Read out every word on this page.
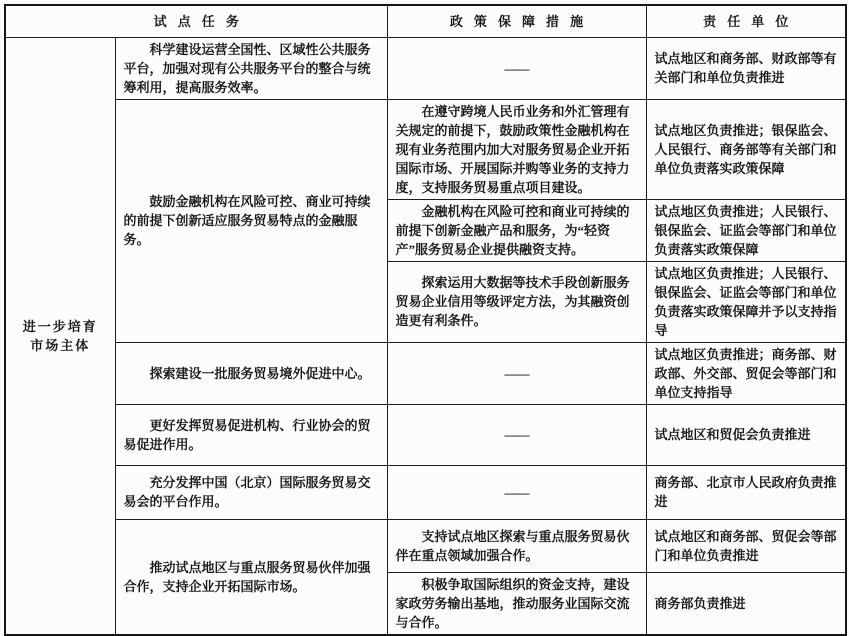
试点任务		政策保障措施	责任单位

进一步培育
市场主体	科学建设运营全国性、区域性公共服务平台，加强对现有公共服务平台的整合与统筹利用，提高服务效率。	——	试点地区和商务部、财政部等有关部门和单位负责推进

	鼓励金融机构在风险可控、商业可持续的前提下创新适应服务贸易特点的金融服务。	在遵守跨境人民币业务和外汇管理有关规定的前提下，鼓励政策性金融机构在现有业务范围内加大对服务贸易企业开拓国际市场、开展国际并购等业务的支持力度，支持服务贸易重点项目建设。	试点地区负责推进；银保监会、人民银行、商务部等有关部门和单位负责落实政策保障

		金融机构在风险可控和商业可持续的前提下创新金融产品和服务，为“轻资产”服务贸易企业提供融资支持。	试点地区负责推进；人民银行、银保监会、证监会等部门和单位负责落实政策保障

		探索运用大数据等技术手段创新服务贸易企业信用等级评定方法，为其融资创造更有利条件。	试点地区负责推进；人民银行、银保监会、证监会等部门和单位负责落实政策保障并予以支持指导

	探索建设一批服务贸易境外促进中心。	——	试点地区负责推进；商务部、财政部、外交部、贸促会等部门和单位支持指导

	更好发挥贸易促进机构、行业协会的贸易促进作用。	——	试点地区和贸促会负责推进

	充分发挥中国（北京）国际服务贸易交易会的平台作用。	——	商务部、北京市人民政府负责推进

	推动试点地区与重点服务贸易伙伴加强合作，支持企业开拓国际市场。	支持试点地区探索与重点服务贸易伙伴在重点领域加强合作。	试点地区和商务部、贸促会等部门和单位负责推进

		积极争取国际组织的资金支持，建设家政劳务输出基地，推动服务业国际交流与合作。	商务部负责推进
